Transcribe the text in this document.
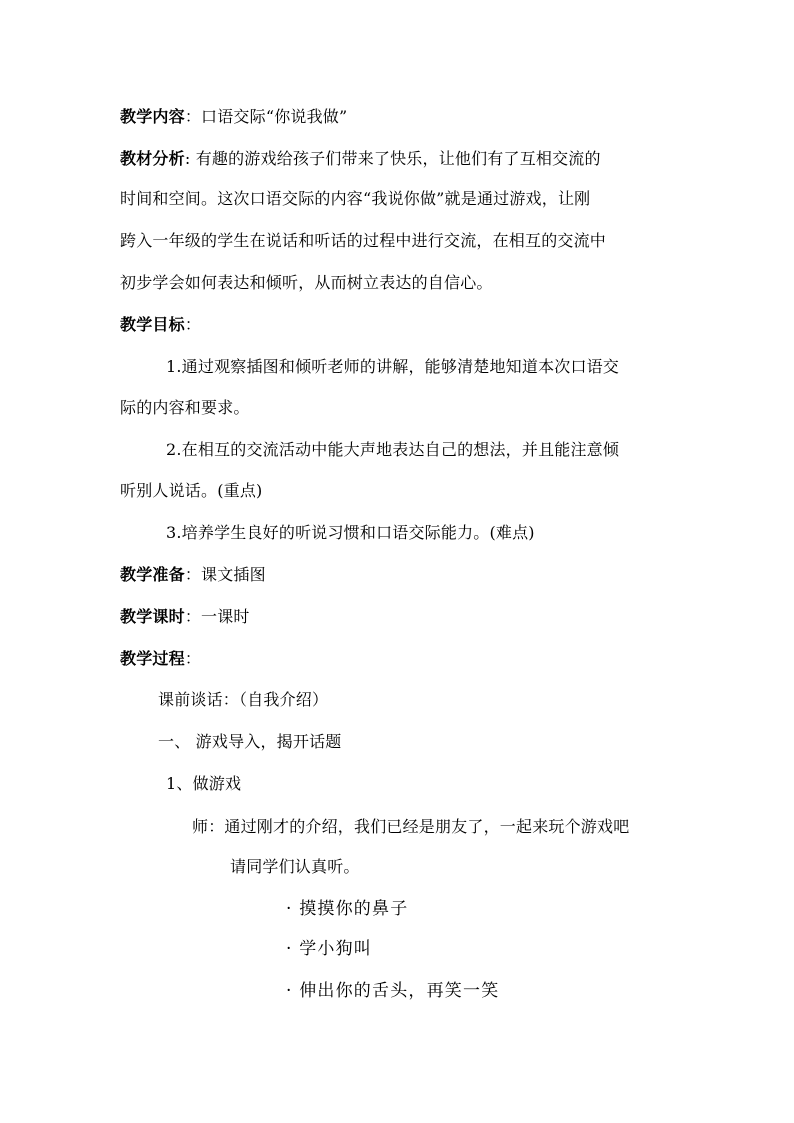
教学内容：口语交际“你说我做”
教材分析: 有趣的游戏给孩子们带来了快乐，让他们有了互相交流的
时间和空间。这次口语交际的内容“我说你做”就是通过游戏，让刚
跨入一年级的学生在说话和听话的过程中进行交流，在相互的交流中
初步学会如何表达和倾听，从而树立表达的自信心。
教学目标：
1.通过观察插图和倾听老师的讲解，能够清楚地知道本次口语交
际的内容和要求。
2.在相互的交流活动中能大声地表达自己的想法，并且能注意倾
听别人说话。(重点)
3.培养学生良好的听说习惯和口语交际能力。(难点)
教学准备：课文插图
教学课时：一课时
教学过程：
课前谈话：（自我介绍）
一、 游戏导入，揭开话题
1、做游戏
师：通过刚才的介绍，我们已经是朋友了，一起来玩个游戏吧
请同学们认真听。
· 摸摸你的鼻子
· 学小狗叫
· 伸出你的舌头，再笑一笑
